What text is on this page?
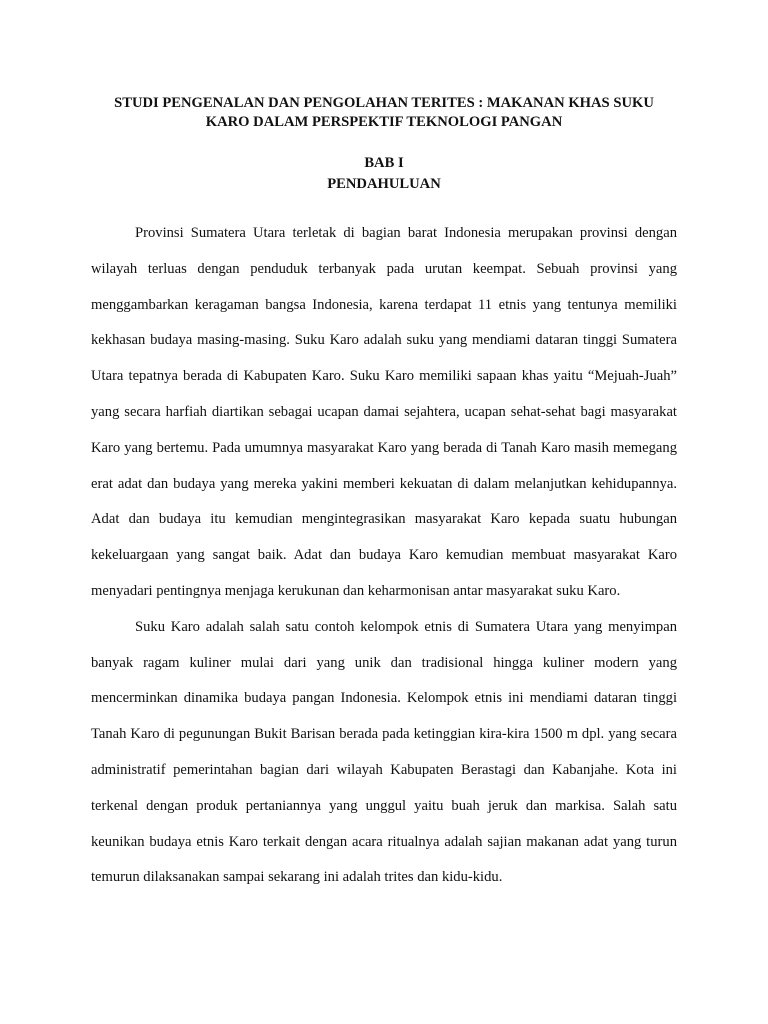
STUDI PENGENALAN DAN PENGOLAHAN TERITES : MAKANAN KHAS SUKU KARO DALAM PERSPEKTIF TEKNOLOGI PANGAN
BAB I
PENDAHULUAN

Provinsi Sumatera Utara terletak di bagian barat Indonesia merupakan provinsi dengan wilayah terluas dengan penduduk terbanyak pada urutan keempat. Sebuah provinsi yang menggambarkan keragaman bangsa Indonesia, karena terdapat 11 etnis yang tentunya memiliki kekhasan budaya masing-masing. Suku Karo adalah suku yang mendiami dataran tinggi Sumatera Utara tepatnya berada di Kabupaten Karo. Suku Karo memiliki sapaan khas yaitu “Mejuah-Juah” yang secara harfiah diartikan sebagai ucapan damai sejahtera, ucapan sehat-sehat bagi masyarakat Karo yang bertemu. Pada umumnya masyarakat Karo yang berada di Tanah Karo masih memegang erat adat dan budaya yang mereka yakini memberi kekuatan di dalam melanjutkan kehidupannya. Adat dan budaya itu kemudian mengintegrasikan masyarakat Karo kepada suatu hubungan kekeluargaan yang sangat baik. Adat dan budaya Karo kemudian membuat masyarakat Karo menyadari pentingnya menjaga kerukunan dan keharmonisan antar masyarakat suku Karo.

Suku Karo adalah salah satu contoh kelompok etnis di Sumatera Utara yang menyimpan banyak ragam kuliner mulai dari yang unik dan tradisional hingga kuliner modern yang mencerminkan dinamika budaya pangan Indonesia. Kelompok etnis ini mendiami dataran tinggi Tanah Karo di pegunungan Bukit Barisan berada pada ketinggian kira-kira 1500 m dpl. yang secara administratif pemerintahan bagian dari wilayah Kabupaten Berastagi dan Kabanjahe. Kota ini terkenal dengan produk pertaniannya yang unggul yaitu buah jeruk dan markisa. Salah satu keunikan budaya etnis Karo terkait dengan acara ritualnya adalah sajian makanan adat yang turun temurun dilaksanakan sampai sekarang ini adalah trites dan kidu-kidu.
